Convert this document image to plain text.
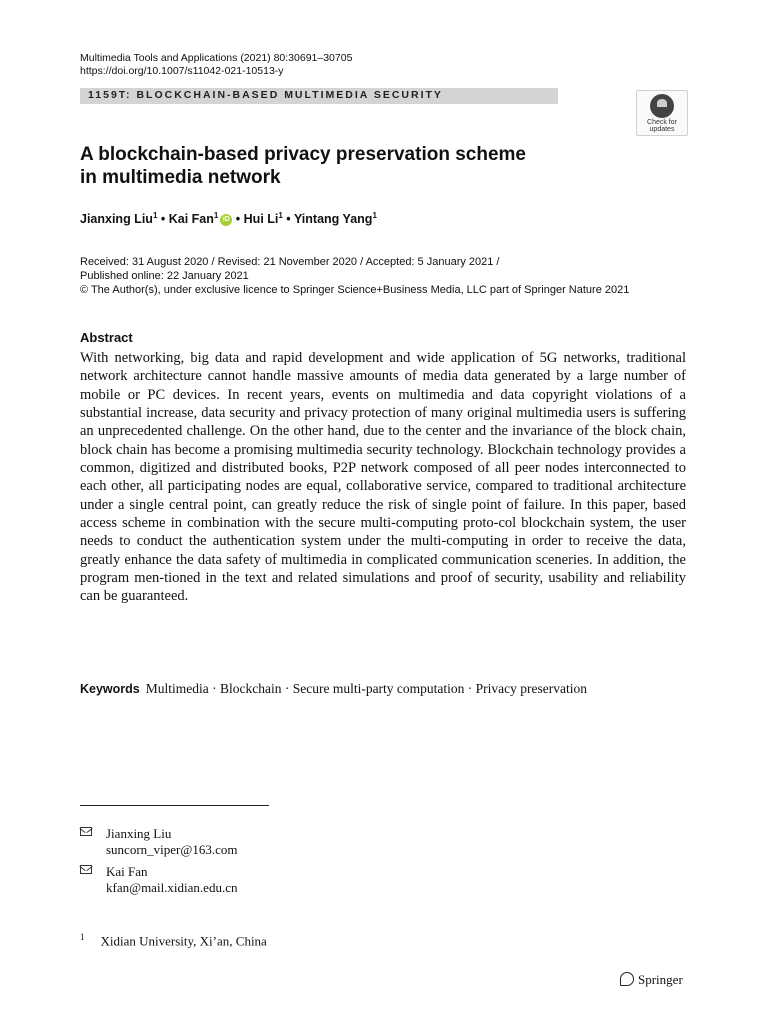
Multimedia Tools and Applications (2021) 80:30691–30705
https://doi.org/10.1007/s11042-021-10513-y
1159T: BLOCKCHAIN-BASED MULTIMEDIA SECURITY
Check for
updates
A blockchain-based privacy preservation scheme
in multimedia network
Jianxing Liu$^1$ • Kai Fan$^1$ iD • Hui Li$^1$ • Yintang Yang$^1$
Received: 31 August 2020 / Revised: 21 November 2020 / Accepted: 5 January 2021 /
Published online: 22 January 2021
© The Author(s), under exclusive licence to Springer Science+Business Media, LLC part of Springer Nature 2021
Abstract
With networking, big data and rapid development and wide application of 5G networks, traditional network architecture cannot handle massive amounts of media data generated by a large number of mobile or PC devices. In recent years, events on multimedia and data copyright violations of a substantial increase, data security and privacy protection of many original multimedia users is suffering an unprecedented challenge. On the other hand, due to the center and the invariance of the block chain, block chain has become a promising multimedia security technology. Blockchain technology provides a common, digitized and distributed books, P2P network composed of all peer nodes interconnected to each other, all participating nodes are equal, collaborative service, compared to traditional architecture under a single central point, can greatly reduce the risk of single point of failure. In this paper, based access scheme in combination with the secure multi-computing proto-col blockchain system, the user needs to conduct the authentication system under the multi-computing in order to receive the data, greatly enhance the data safety of multimedia in complicated communication sceneries. In addition, the program men-tioned in the text and related simulations and proof of security, usability and reliability can be guaranteed.
Keywords Multimedia · Blockchain · Secure multi-party computation · Privacy preservation
Jianxing Liu
suncorn_viper@163.com
Kai Fan
kfan@mail.xidian.edu.cn
$^1$ Xidian University, Xi’an, China
Springer
